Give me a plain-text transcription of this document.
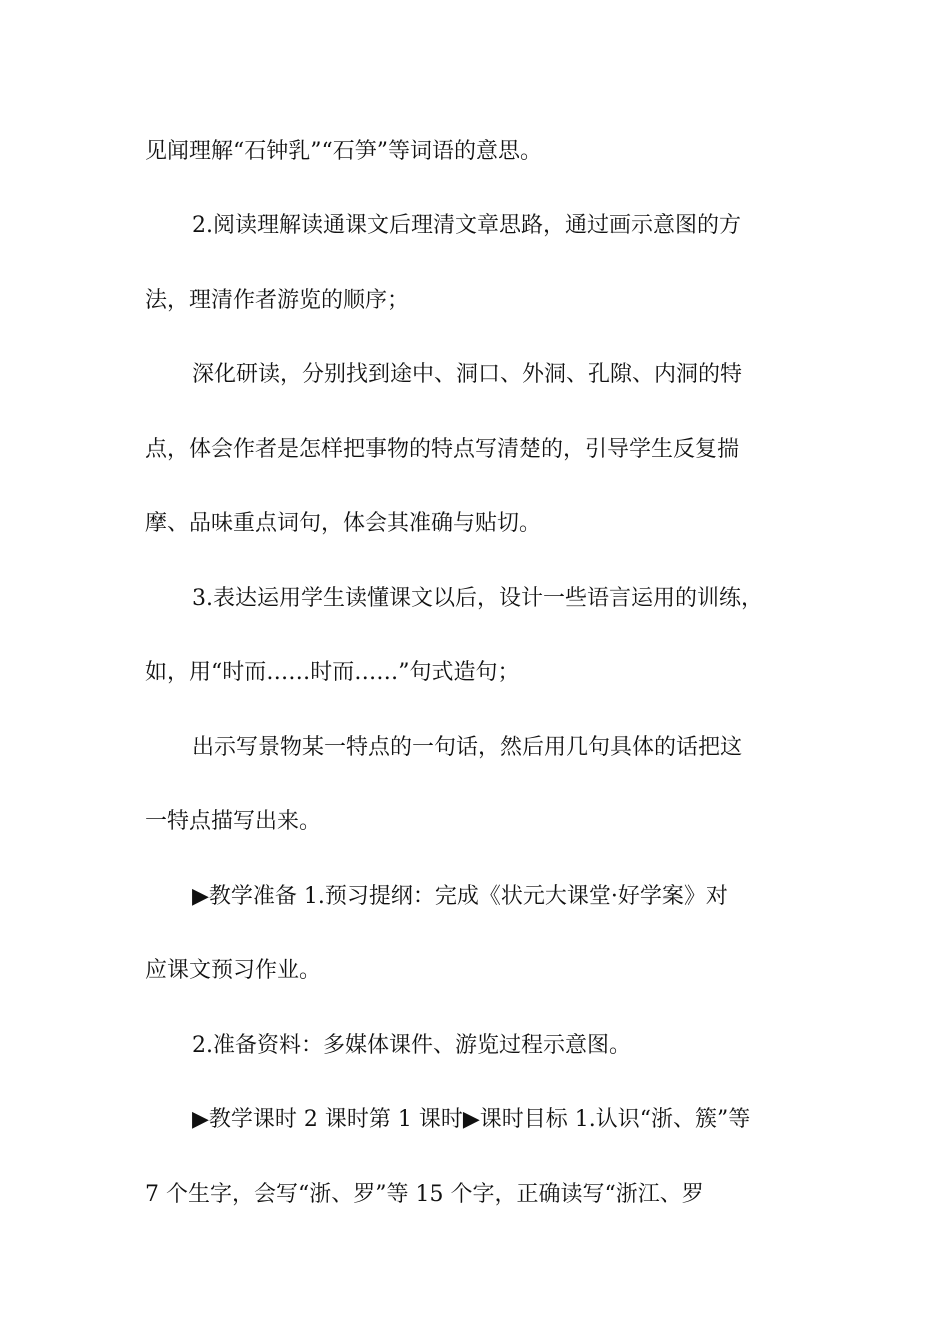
见闻理解“石钟乳”“石笋”等词语的意思。
2.阅读理解读通课文后理清文章思路，通过画示意图的方
法，理清作者游览的顺序；
深化研读，分别找到途中、洞口、外洞、孔隙、内洞的特
点，体会作者是怎样把事物的特点写清楚的，引导学生反复揣
摩、品味重点词句，体会其准确与贴切。
3.表达运用学生读懂课文以后，设计一些语言运用的训练，
如，用“时而……时而……”句式造句；
出示写景物某一特点的一句话，然后用几句具体的话把这
一特点描写出来。
▶教学准备 1.预习提纲：完成《状元大课堂·好学案》对
应课文预习作业。
2.准备资料：多媒体课件、游览过程示意图。
▶教学课时 2 课时第 1 课时▶课时目标 1.认识“浙、簇”等
7 个生字，会写“浙、罗”等 15 个字，正确读写“浙江、罗
